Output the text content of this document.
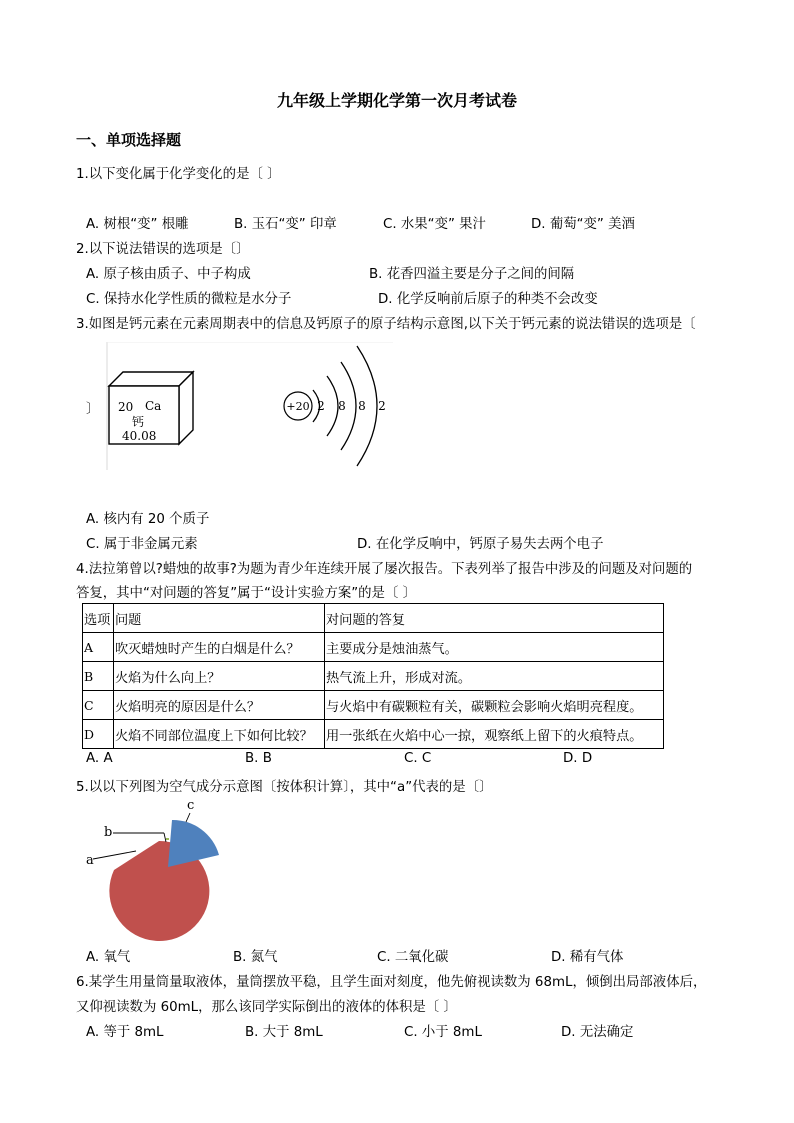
九年级上学期化学第一次月考试卷
一、单项选择题
1.以下变化属于化学变化的是〔 〕
A. 树根“变” 根雕	B. 玉石“变” 印章	C. 水果“变” 果汁	D. 葡萄“变” 美酒
2.以下说法错误的选项是〔〕
A. 原子核由质子、中子构成	B. 花香四溢主要是分子之间的间隔
C. 保持水化学性质的微粒是水分子	D. 化学反响前后原子的种类不会改变
3.如图是钙元素在元素周期表中的信息及钙原子的原子结构示意图,以下关于钙元素的说法错误的选项是〔
〕 20 Ca
钙
40.08
+20 2 8 8 2
A. 核内有 20 个质子
C. 属于非金属元素	D. 在化学反响中，钙原子易失去两个电子
4.法拉第曾以?蜡烛的故事?为题为青少年连续开展了屡次报告。下表列举了报告中涉及的问题及对问题的
答复，其中“对问题的答复”属于“设计实验方案”的是〔 〕
选项	问题	对问题的答复
A	吹灭蜡烛时产生的白烟是什么？	主要成分是烛油蒸气。
B	火焰为什么向上？	热气流上升，形成对流。
C	火焰明亮的原因是什么？	与火焰中有碳颗粒有关，碳颗粒会影响火焰明亮程度。
D	火焰不同部位温度上下如何比较？	用一张纸在火焰中心一掠，观察纸上留下的火痕特点。
A. A	B. B	C. C	D. D
5.以以下列图为空气成分示意图〔按体积计算〕，其中“a”代表的是〔〕
a
b
c
A. 氧气	B. 氮气	C. 二氧化碳	D. 稀有气体
6.某学生用量筒量取液体，量筒摆放平稳，且学生面对刻度，他先俯视读数为 68mL，倾倒出局部液体后，
又仰视读数为 60mL，那么该同学实际倒出的液体的体积是〔 〕
A. 等于 8mL	B. 大于 8mL	C. 小于 8mL	D. 无法确定
